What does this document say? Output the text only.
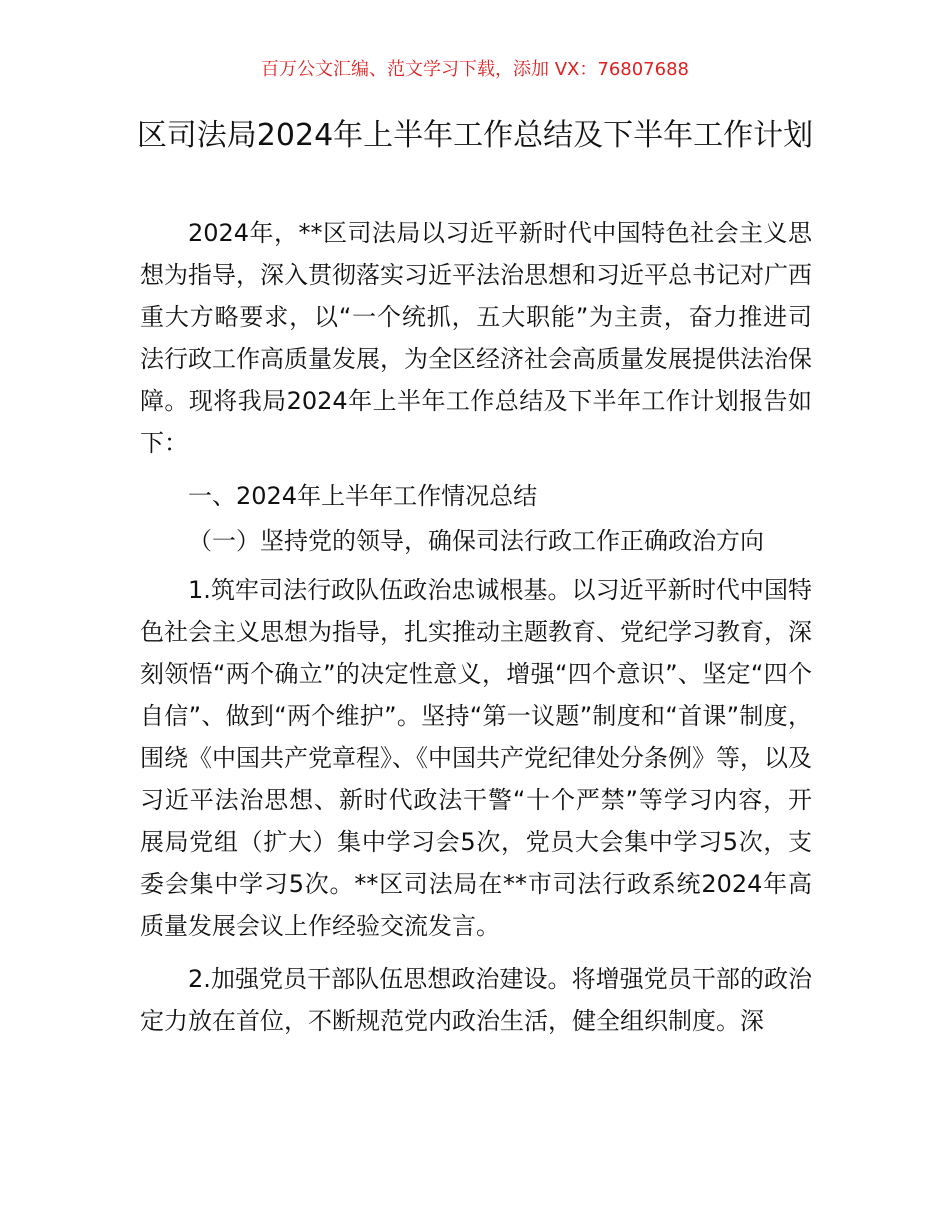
百万公文汇编、范文学习下载，添加 VX：76807688
区司法局2024年上半年工作总结及下半年工作计划

2024年，**区司法局以习近平新时代中国特色社会主义思想为指导，深入贯彻落实习近平法治思想和习近平总书记对广西重大方略要求，以“一个统抓，五大职能”为主责，奋力推进司法行政工作高质量发展，为全区经济社会高质量发展提供法治保障。现将我局2024年上半年工作总结及下半年工作计划报告如下：

一、2024年上半年工作情况总结

（一）坚持党的领导，确保司法行政工作正确政治方向

1.筑牢司法行政队伍政治忠诚根基。以习近平新时代中国特色社会主义思想为指导，扎实推动主题教育、党纪学习教育，深刻领悟“两个确立”的决定性意义，增强“四个意识”、坚定“四个自信”、做到“两个维护”。坚持“第一议题”制度和“首课”制度，围绕《中国共产党章程》、《中国共产党纪律处分条例》等，以及习近平法治思想、新时代政法干警“十个严禁”等学习内容，开展局党组（扩大）集中学习会5次，党员大会集中学习5次，支委会集中学习5次。**区司法局在**市司法行政系统2024年高质量发展会议上作经验交流发言。

2.加强党员干部队伍思想政治建设。将增强党员干部的政治定力放在首位，不断规范党内政治生活，健全组织制度。深
